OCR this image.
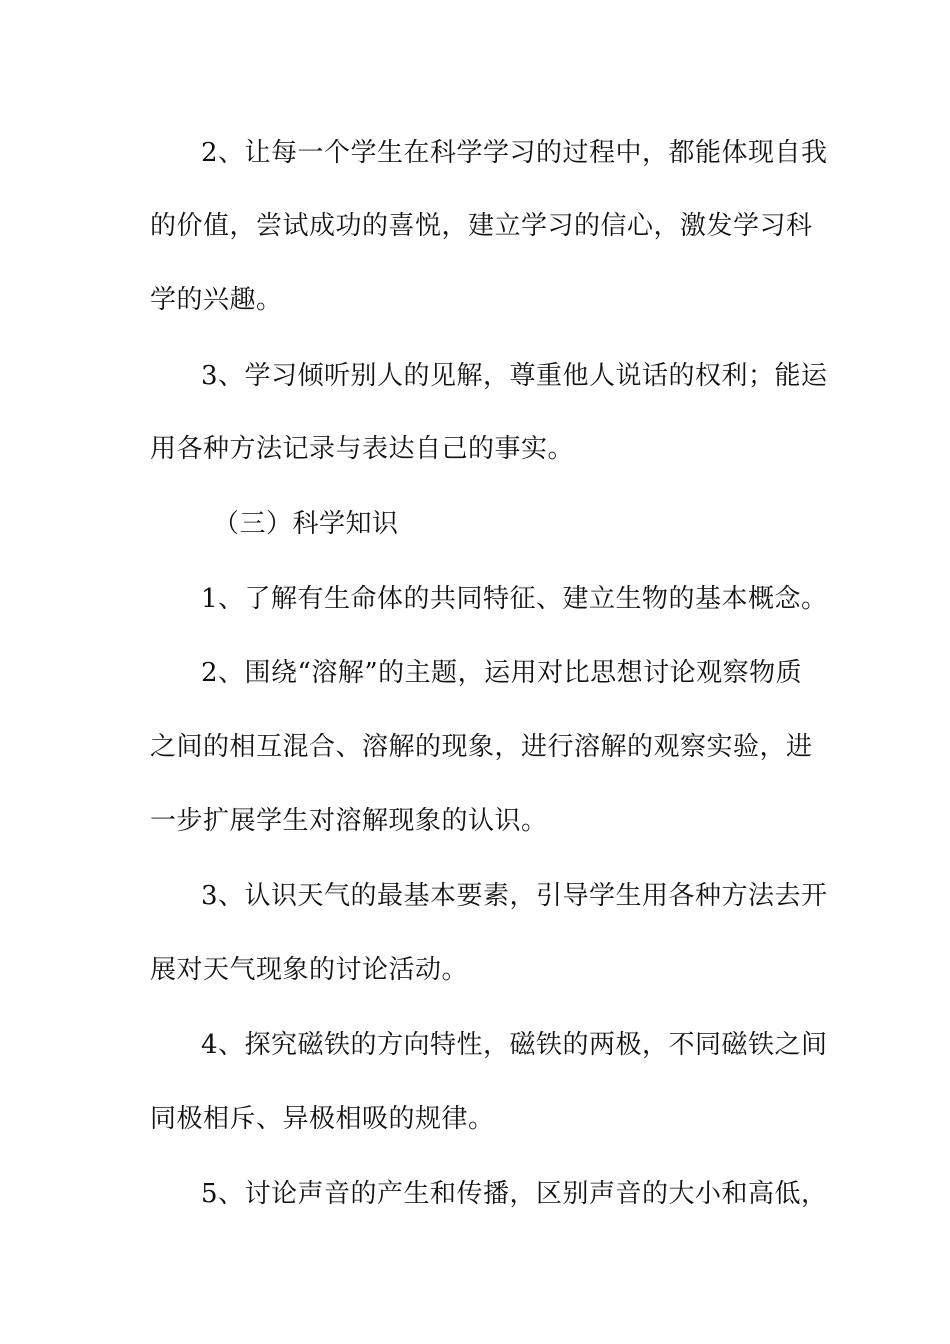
2、让每一个学生在科学学习的过程中，都能体现自我
的价值，尝试成功的喜悦，建立学习的信心，激发学习科
学的兴趣。
3、学习倾听别人的见解，尊重他人说话的权利；能运
用各种方法记录与表达自己的事实。
（三）科学知识
1、了解有生命体的共同特征、建立生物的基本概念。
2、围绕“溶解”的主题，运用对比思想讨论观察物质
之间的相互混合、溶解的现象，进行溶解的观察实验，进
一步扩展学生对溶解现象的认识。
3、认识天气的最基本要素，引导学生用各种方法去开
展对天气现象的讨论活动。
4、探究磁铁的方向特性，磁铁的两极，不同磁铁之间
同极相斥、异极相吸的规律。
5、讨论声音的产生和传播，区别声音的大小和高低，
